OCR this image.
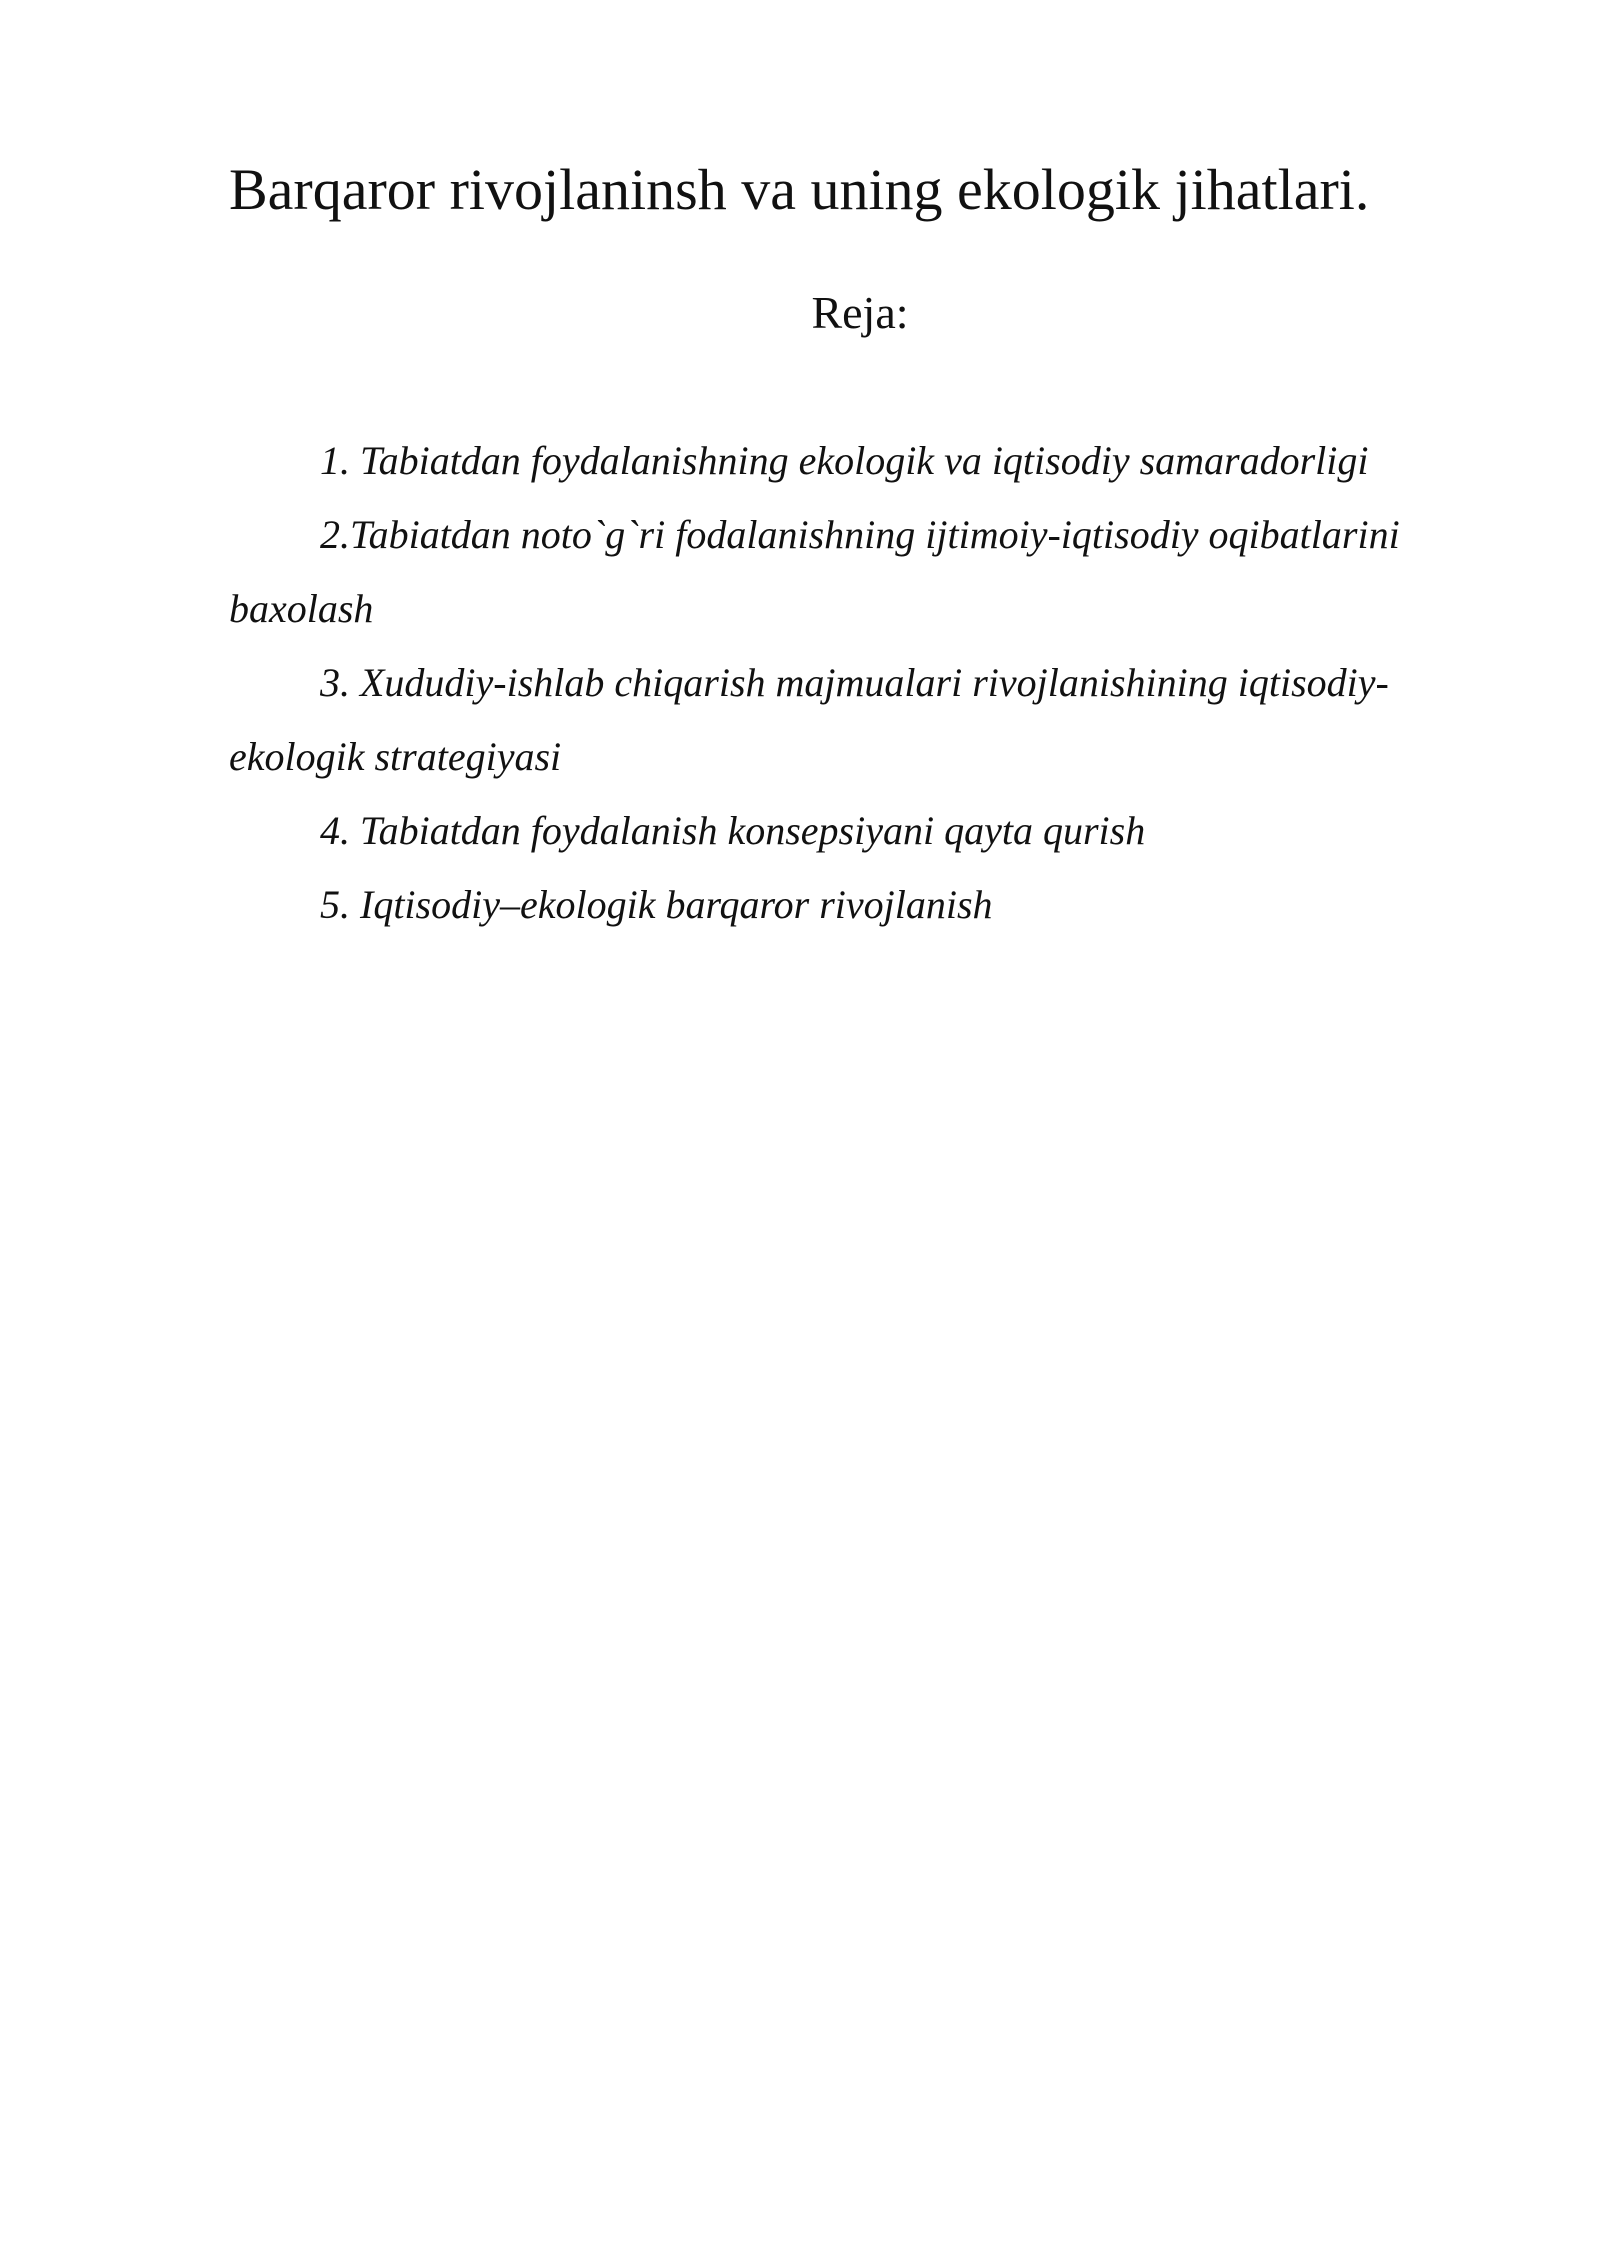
Barqaror rivojlaninsh va uning ekologik jihatlari.
Reja:
1. Tabiatdan foydalanishning ekologik va iqtisodiy samaradorligi
2.Tabiatdan noto`g`ri fodalanishning ijtimoiy-iqtisodiy oqibatlarini baxolash
3. Xududiy-ishlab chiqarish majmualari rivojlanishining iqtisodiy-ekologik strategiyasi
4. Tabiatdan foydalanish konsepsiyani qayta qurish
5. Iqtisodiy–ekologik barqaror rivojlanish
